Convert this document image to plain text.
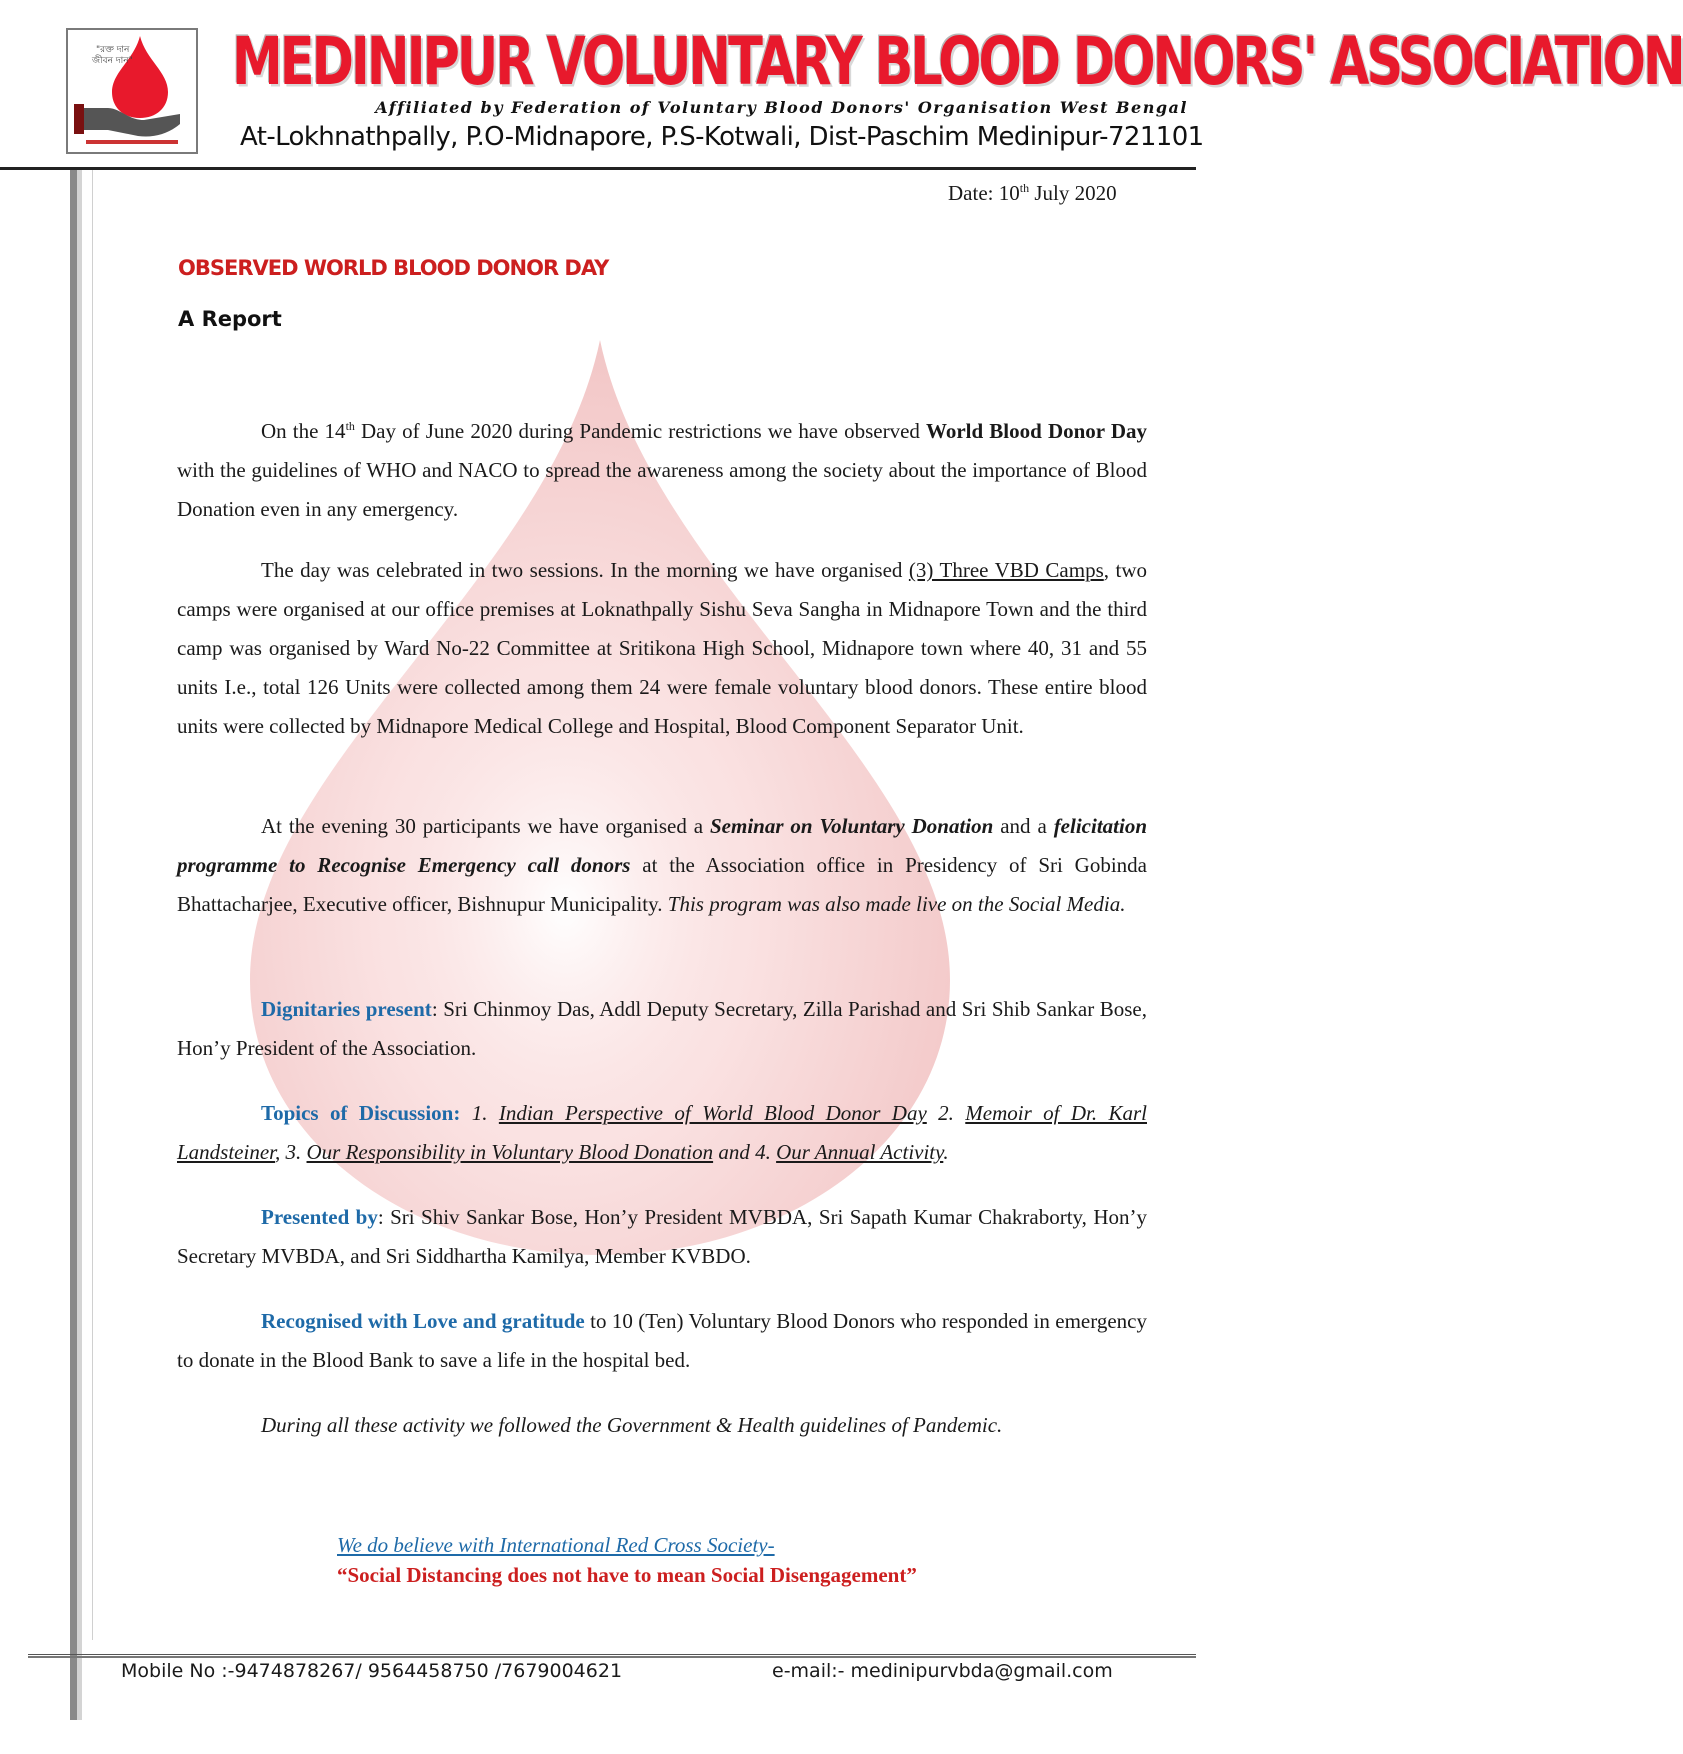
"রক্ত দান
জীবন দান" MEDINIPUR VOLUNTARY BLOOD DONORS' ASSOCIATION
Affiliated by Federation of Voluntary Blood Donors' Organisation West Bengal
At-Lokhnathpally, P.O-Midnapore, P.S-Kotwali, Dist-Paschim Medinipur-721101
Date: 10th July 2020
OBSERVED WORLD BLOOD DONOR DAY
A Report
On the 14th Day of June 2020 during Pandemic restrictions we have observed World Blood Donor Day with the guidelines of WHO and NACO to spread the awareness among the society about the importance of Blood Donation even in any emergency.
The day was celebrated in two sessions. In the morning we have organised (3) Three VBD Camps, two camps were organised at our office premises at Loknathpally Sishu Seva Sangha in Midnapore Town and the third camp was organised by Ward No-22 Committee at Sritikona High School, Midnapore town where 40, 31 and 55 units I.e., total 126 Units were collected among them 24 were female voluntary blood donors. These entire blood units were collected by Midnapore Medical College and Hospital, Blood Component Separator Unit.
At the evening 30 participants we have organised a Seminar on Voluntary Donation and a felicitation programme to Recognise Emergency call donors at the Association office in Presidency of Sri Gobinda Bhattacharjee, Executive officer, Bishnupur Municipality. This program was also made live on the Social Media.
Dignitaries present: Sri Chinmoy Das, Addl Deputy Secretary, Zilla Parishad and Sri Shib Sankar Bose, Hon’y President of the Association.
Topics of Discussion: 1. Indian Perspective of World Blood Donor Day 2. Memoir of Dr. Karl Landsteiner, 3. Our Responsibility in Voluntary Blood Donation and 4. Our Annual Activity.
Presented by: Sri Shiv Sankar Bose, Hon’y President MVBDA, Sri Sapath Kumar Chakraborty, Hon’y Secretary MVBDA, and Sri Siddhartha Kamilya, Member KVBDO.
Recognised with Love and gratitude to 10 (Ten) Voluntary Blood Donors who responded in emergency to donate in the Blood Bank to save a life in the hospital bed.
During all these activity we followed the Government & Health guidelines of Pandemic.
We do believe with International Red Cross Society-
“Social Distancing does not have to mean Social Disengagement”
Mobile No :-9474878267/ 9564458750 /7679004621	e-mail:- medinipurvbda@gmail.com
